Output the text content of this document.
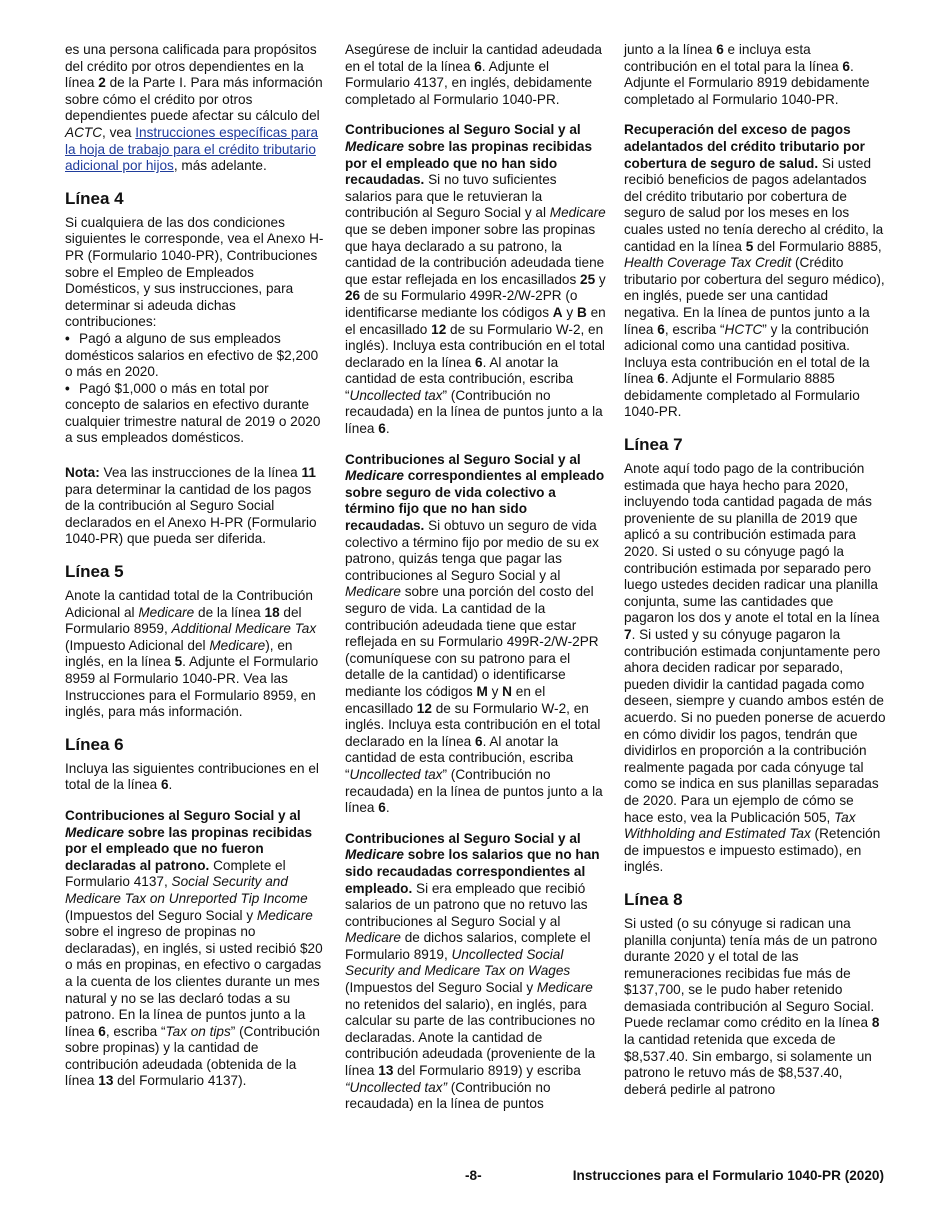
es una persona calificada para propósitos del crédito por otros dependientes en la línea 2 de la Parte I. Para más información sobre cómo el crédito por otros dependientes puede afectar su cálculo del ACTC, vea Instrucciones específicas para la hoja de trabajo para el crédito tributario adicional por hijos, más adelante.

Línea 4

Si cualquiera de las dos condiciones siguientes le corresponde, vea el Anexo H-PR (Formulario 1040-PR), Contribuciones sobre el Empleo de Empleados Domésticos, y sus instrucciones, para determinar si adeuda dichas contribuciones:

• Pagó a alguno de sus empleados domésticos salarios en efectivo de $2,200 o más en 2020.
• Pagó $1,000 o más en total por concepto de salarios en efectivo durante cualquier trimestre natural de 2019 o 2020 a sus empleados domésticos.

Nota: Vea las instrucciones de la línea 11 para determinar la cantidad de los pagos de la contribución al Seguro Social declarados en el Anexo H-PR (Formulario 1040-PR) que pueda ser diferida.

Línea 5

Anote la cantidad total de la Contribución Adicional al Medicare de la línea 18 del Formulario 8959, Additional Medicare Tax (Impuesto Adicional del Medicare), en inglés, en la línea 5. Adjunte el Formulario 8959 al Formulario 1040-PR. Vea las Instrucciones para el Formulario 8959, en inglés, para más información.

Línea 6

Incluya las siguientes contribuciones en el total de la línea 6.

Contribuciones al Seguro Social y al Medicare sobre las propinas recibidas por el empleado que no fueron declaradas al patrono. Complete el Formulario 4137, Social Security and Medicare Tax on Unreported Tip Income (Impuestos del Seguro Social y Medicare sobre el ingreso de propinas no declaradas), en inglés, si usted recibió $20 o más en propinas, en efectivo o cargadas a la cuenta de los clientes durante un mes natural y no se las declaró todas a su patrono. En la línea de puntos junto a la línea 6, escriba “Tax on tips” (Contribución sobre propinas) y la cantidad de contribución adeudada (obtenida de la línea 13 del Formulario 4137).

Asegúrese de incluir la cantidad adeudada en el total de la línea 6. Adjunte el Formulario 4137, en inglés, debidamente completado al Formulario 1040-PR.

Contribuciones al Seguro Social y al Medicare sobre las propinas recibidas por el empleado que no han sido recaudadas. Si no tuvo suficientes salarios para que le retuvieran la contribución al Seguro Social y al Medicare que se deben imponer sobre las propinas que haya declarado a su patrono, la cantidad de la contribución adeudada tiene que estar reflejada en los encasillados 25 y 26 de su Formulario 499R-2/W-2PR (o identificarse mediante los códigos A y B en el encasillado 12 de su Formulario W-2, en inglés). Incluya esta contribución en el total declarado en la línea 6. Al anotar la cantidad de esta contribución, escriba “Uncollected tax” (Contribución no recaudada) en la línea de puntos junto a la línea 6.

Contribuciones al Seguro Social y al Medicare correspondientes al empleado sobre seguro de vida colectivo a término fijo que no han sido recaudadas. Si obtuvo un seguro de vida colectivo a término fijo por medio de su ex patrono, quizás tenga que pagar las contribuciones al Seguro Social y al Medicare sobre una porción del costo del seguro de vida. La cantidad de la contribución adeudada tiene que estar reflejada en su Formulario 499R-2/W-2PR (comuníquese con su patrono para el detalle de la cantidad) o identificarse mediante los códigos M y N en el encasillado 12 de su Formulario W-2, en inglés. Incluya esta contribución en el total declarado en la línea 6. Al anotar la cantidad de esta contribución, escriba “Uncollected tax” (Contribución no recaudada) en la línea de puntos junto a la línea 6.

Contribuciones al Seguro Social y al Medicare sobre los salarios que no han sido recaudadas correspondientes al empleado. Si era empleado que recibió salarios de un patrono que no retuvo las contribuciones al Seguro Social y al Medicare de dichos salarios, complete el Formulario 8919, Uncollected Social Security and Medicare Tax on Wages (Impuestos del Seguro Social y Medicare no retenidos del salario), en inglés, para calcular su parte de las contribuciones no declaradas. Anote la cantidad de contribución adeudada (proveniente de la línea 13 del Formulario 8919) y escriba “Uncollected tax” (Contribución no recaudada) en la línea de puntos

junto a la línea 6 e incluya esta contribución en el total para la línea 6. Adjunte el Formulario 8919 debidamente completado al Formulario 1040-PR.

Recuperación del exceso de pagos adelantados del crédito tributario por cobertura de seguro de salud. Si usted recibió beneficios de pagos adelantados del crédito tributario por cobertura de seguro de salud por los meses en los cuales usted no tenía derecho al crédito, la cantidad en la línea 5 del Formulario 8885, Health Coverage Tax Credit (Crédito tributario por cobertura del seguro médico), en inglés, puede ser una cantidad negativa. En la línea de puntos junto a la línea 6, escriba “HCTC” y la contribución adicional como una cantidad positiva. Incluya esta contribución en el total de la línea 6. Adjunte el Formulario 8885 debidamente completado al Formulario 1040-PR.

Línea 7

Anote aquí todo pago de la contribución estimada que haya hecho para 2020, incluyendo toda cantidad pagada de más proveniente de su planilla de 2019 que aplicó a su contribución estimada para 2020. Si usted o su cónyuge pagó la contribución estimada por separado pero luego ustedes deciden radicar una planilla conjunta, sume las cantidades que pagaron los dos y anote el total en la línea 7. Si usted y su cónyuge pagaron la contribución estimada conjuntamente pero ahora deciden radicar por separado, pueden dividir la cantidad pagada como deseen, siempre y cuando ambos estén de acuerdo. Si no pueden ponerse de acuerdo en cómo dividir los pagos, tendrán que dividirlos en proporción a la contribución realmente pagada por cada cónyuge tal como se indica en sus planillas separadas de 2020. Para un ejemplo de cómo se hace esto, vea la Publicación 505, Tax Withholding and Estimated Tax (Retención de impuestos e impuesto estimado), en inglés.

Línea 8

Si usted (o su cónyuge si radican una planilla conjunta) tenía más de un patrono durante 2020 y el total de las remuneraciones recibidas fue más de $137,700, se le pudo haber retenido demasiada contribución al Seguro Social. Puede reclamar como crédito en la línea 8 la cantidad retenida que exceda de $8,537.40. Sin embargo, si solamente un patrono le retuvo más de $8,537.40, deberá pedirle al patrono

-8-	Instrucciones para el Formulario 1040-PR (2020)
